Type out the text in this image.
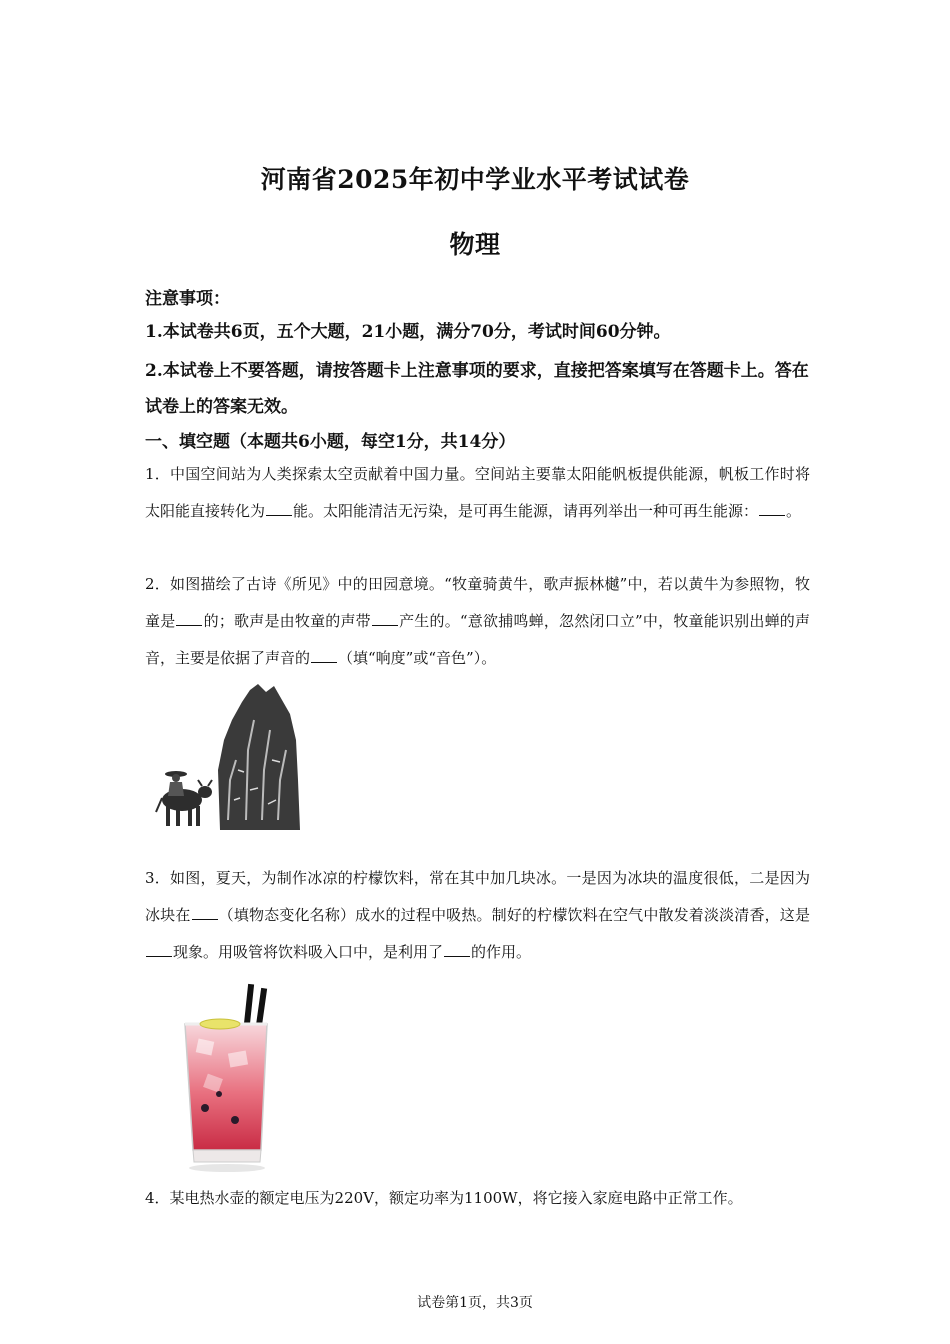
河南省2025年初中学业水平考试试卷
物理
注意事项：
1.本试卷共6页，五个大题，21小题，满分70分，考试时间60分钟。
2.本试卷上不要答题，请按答题卡上注意事项的要求，直接把答案填写在答题卡上。答在试卷上的答案无效。
一、填空题（本题共6小题，每空1分，共14分）
1．中国空间站为人类探索太空贡献着中国力量。空间站主要靠太阳能帆板提供能源，帆板工作时将太阳能直接转化为 能。太阳能清洁无污染，是可再生能源，请再列举出一种可再生能源： 。
2．如图描绘了古诗《所见》中的田园意境。“牧童骑黄牛，歌声振林樾”中，若以黄牛为参照物，牧童是 的；歌声是由牧童的声带 产生的。“意欲捕鸣蝉，忽然闭口立”中，牧童能识别出蝉的声音，主要是依据了声音的 （填“响度”或“音色”）。
3．如图，夏天，为制作冰凉的柠檬饮料，常在其中加几块冰。一是因为冰块的温度很低，二是因为冰块在 （填物态变化名称）成水的过程中吸热。制好的柠檬饮料在空气中散发着淡淡清香，这是现象。用吸管将饮料吸入口中，是利用了 的作用。
4．某电热水壶的额定电压为220V，额定功率为1100W，将它接入家庭电路中正常工作。
试卷第1页，共3页
